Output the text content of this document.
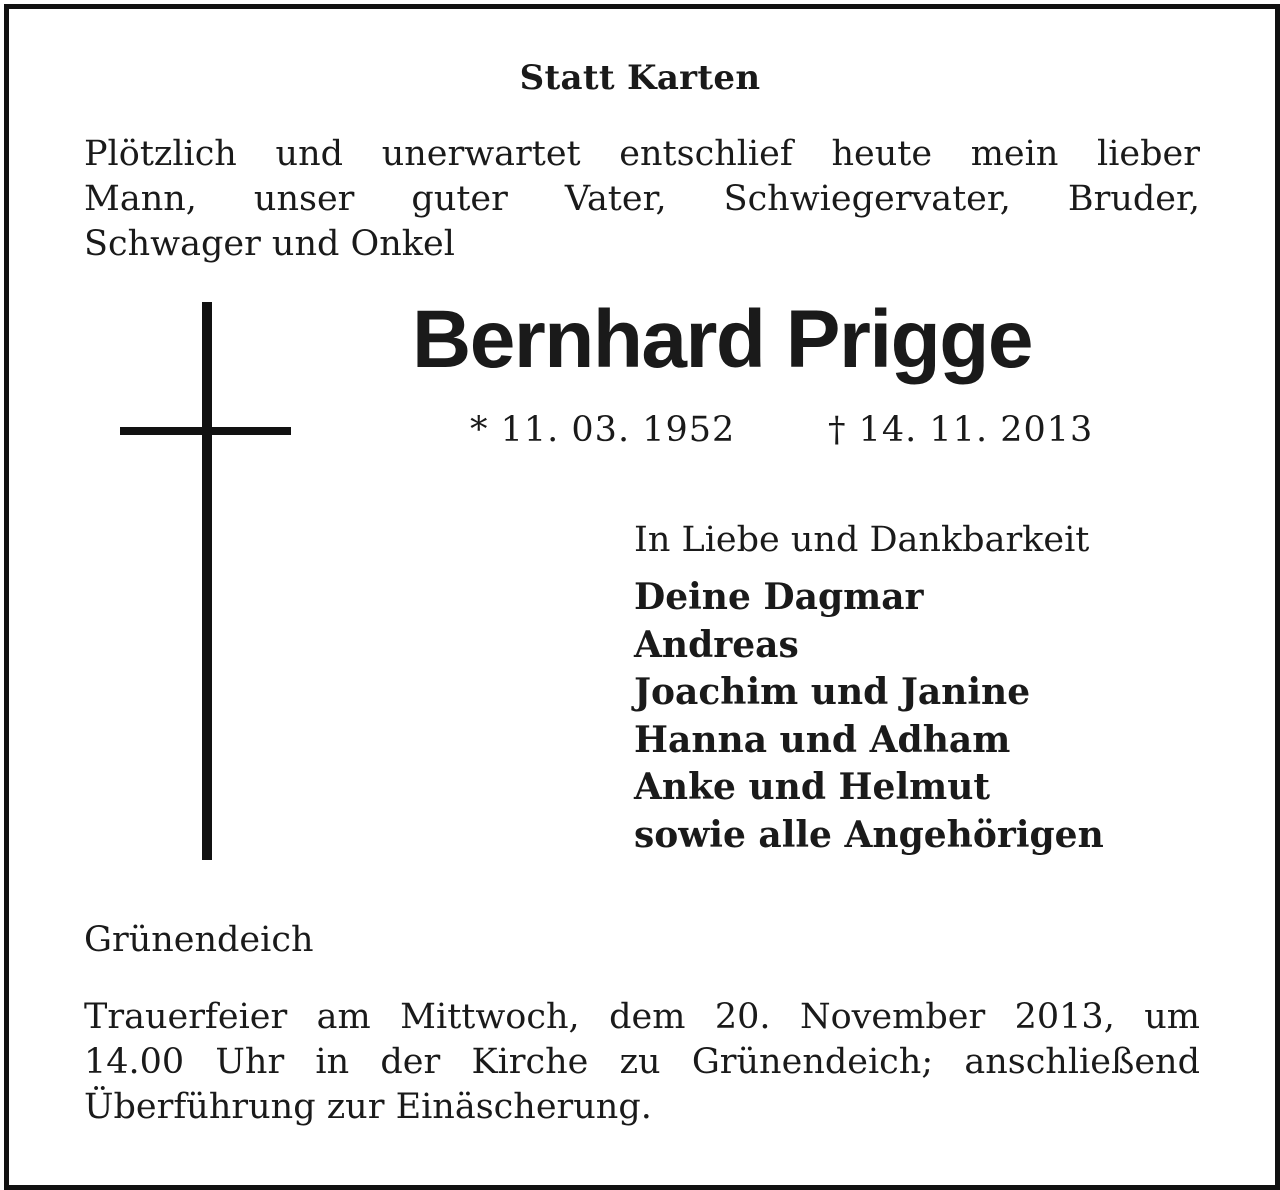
Statt Karten
Plötzlich und unerwartet entschlief heute mein lieber
Mann, unser guter Vater, Schwiegervater, Bruder,
Schwager und Onkel
Bernhard Prigge
* 11. 03. 1952	† 14. 11. 2013
In Liebe und Dankbarkeit
Deine Dagmar
Andreas
Joachim und Janine
Hanna und Adham
Anke und Helmut
sowie alle Angehörigen
Grünendeich
Trauerfeier am Mittwoch, dem 20. November 2013, um
14.00 Uhr in der Kirche zu Grünendeich; anschließend
Überführung zur Einäscherung.
